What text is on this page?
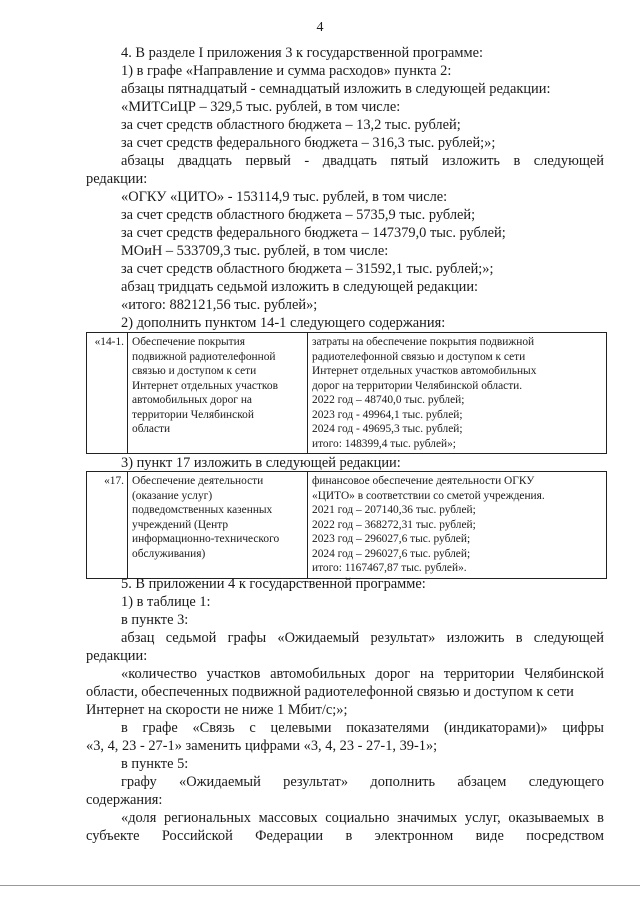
4
4. В разделе I приложения 3 к государственной программе:
1) в графе «Направление и сумма расходов» пункта 2:
абзацы пятнадцатый - семнадцатый изложить в следующей редакции:
«МИТСиЦР – 329,5 тыс. рублей, в том числе:
за счет средств областного бюджета – 13,2 тыс. рублей;
за счет средств федерального бюджета – 316,3 тыс. рублей;»;
абзацы двадцать первый - двадцать пятый изложить в следующей
редакции:
«ОГКУ «ЦИТО» - 153114,9 тыс. рублей, в том числе:
за счет средств областного бюджета – 5735,9 тыс. рублей;
за счет средств федерального бюджета – 147379,0 тыс. рублей;
МОиН – 533709,3 тыс. рублей, в том числе:
за счет средств областного бюджета – 31592,1 тыс. рублей;»;
абзац тридцать седьмой изложить в следующей редакции:
«итого: 882121,56 тыс. рублей»;
2) дополнить пунктом 14-1 следующего содержания:
«14-1.	Обеспечение покрытия
подвижной радиотелефонной
связью и доступом к сети
Интернет отдельных участков
автомобильных дорог на
территории Челябинской
области

затраты на обеспечение покрытия подвижной
радиотелефонной связью и доступом к сети
Интернет отдельных участков автомобильных
дорог на территории Челябинской области.
2022 год – 48740,0 тыс. рублей;
2023 год - 49964,1 тыс. рублей;
2024 год - 49695,3 тыс. рублей;
итого: 148399,4 тыс. рублей»;
3) пункт 17 изложить в следующей редакции:
«17.	Обеспечение деятельности
(оказание услуг)
подведомственных казенных
учреждений (Центр
информационно-технического
обслуживания)

финансовое обеспечение деятельности ОГКУ
«ЦИТО» в соответствии со сметой учреждения.
2021 год – 207140,36 тыс. рублей;
2022 год – 368272,31 тыс. рублей;
2023 год – 296027,6 тыс. рублей;
2024 год – 296027,6 тыс. рублей;
итого: 1167467,87 тыс. рублей».
5. В приложении 4 к государственной программе:
1) в таблице 1:
в пункте 3:
абзац седьмой графы «Ожидаемый результат» изложить в следующей
редакции:
«количество участков автомобильных дорог на территории Челябинской
области, обеспеченных подвижной радиотелефонной связью и доступом к сети
Интернет на скорости не ниже 1 Мбит/с;»;
в графе «Связь с целевыми показателями (индикаторами)» цифры
«3, 4, 23 - 27-1» заменить цифрами «3, 4, 23 - 27-1, 39-1»;
в пункте 5:
графу «Ожидаемый результат» дополнить абзацем следующего
содержания:
«доля региональных массовых социально значимых услуг, оказываемых в
субъекте Российской Федерации в электронном виде посредством
